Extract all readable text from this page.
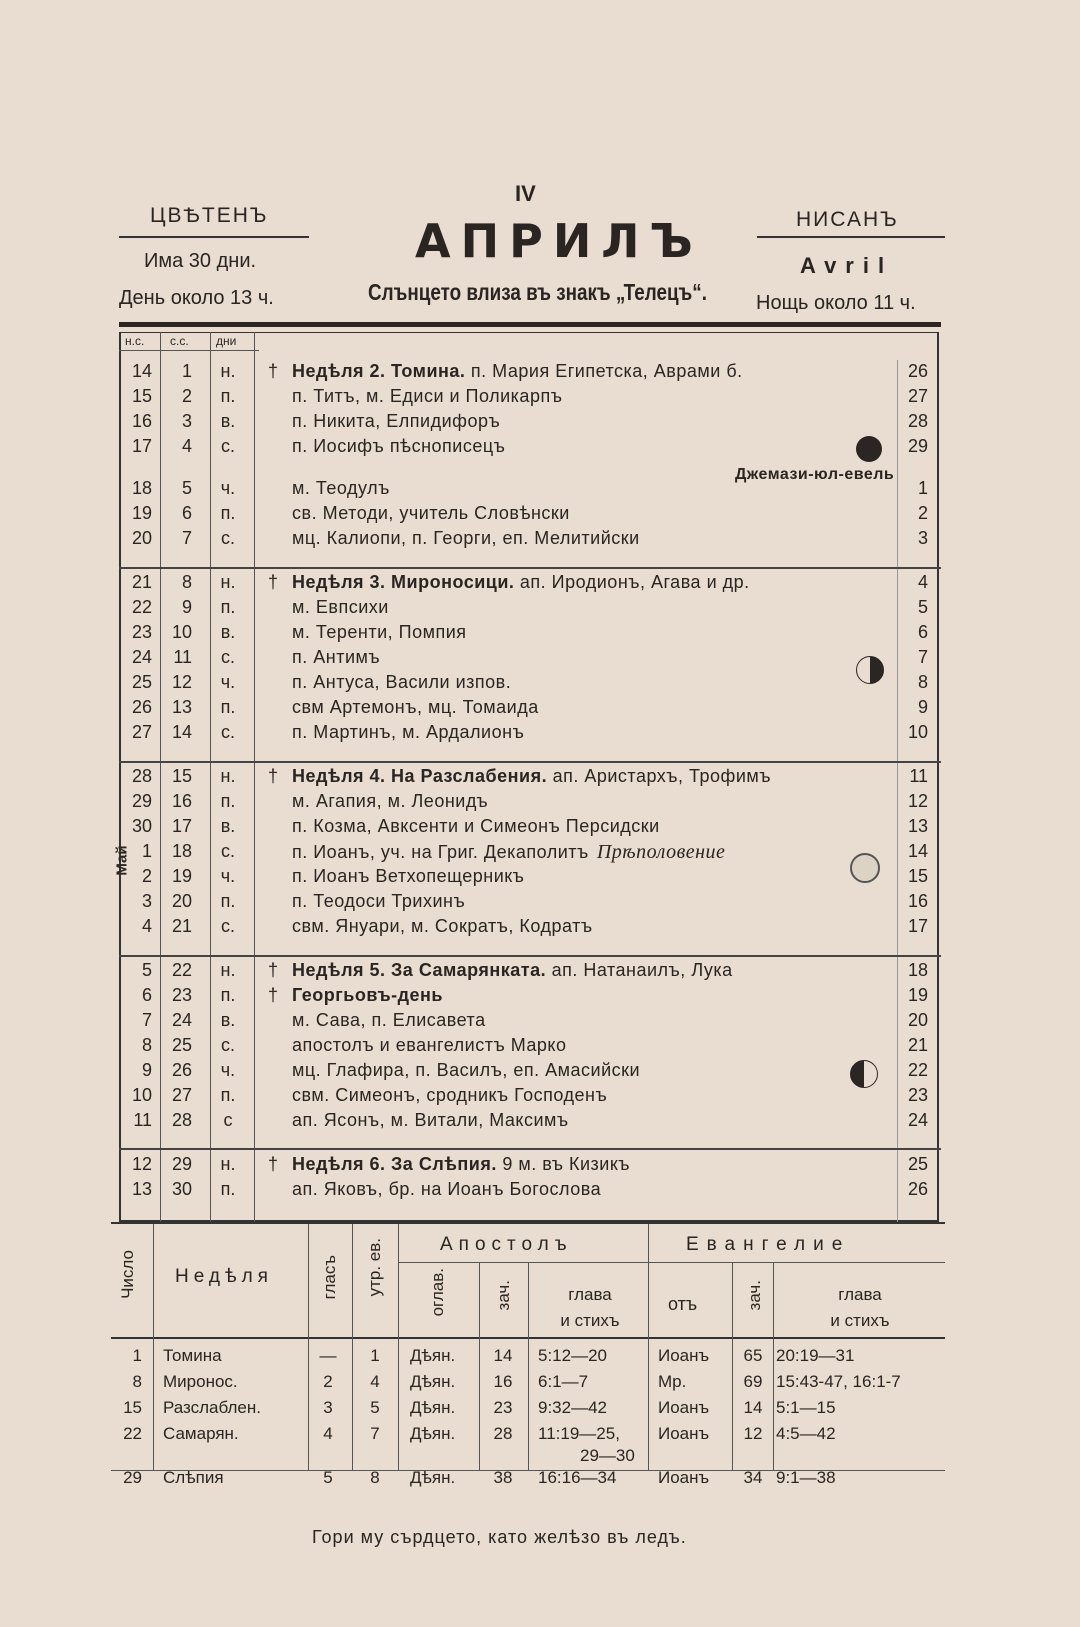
ЦВѢТЕНЪ
Има 30 дни.
День около 13 ч.
IV
АПРИЛЪ
Слънцето влиза въ знакъ „Телецъ“.
НИСАНЪ
Avril
Нощь около 11 ч.
н.с. с.с. дни
Джемази-юл-евель
Май
14	1 н. † Недѣля 2. Томина. п. Мария Египетска, Аврами б.	26
15	2 п.	п. Титъ, м. Едиси и Поликарпъ	27
16	3 в.	п. Никита, Елпидифоръ	28
17	4 с.	п. Иосифъ пѣснописецъ	29
18	5 ч.	м. Теодулъ	1
19	6 п.	св. Методи, учитель Словѣнски	2
20	7 с.	мц. Калиопи, п. Георги, еп. Мелитийски	3
21	8 н. † Недѣля 3. Мироносици. ап. Иродионъ, Агава и др.	4
22	9 п.	м. Евпсихи	5
23	10 в.	м. Теренти, Помпия	6
24	11 с.	п. Антимъ	7
25	12 ч.	п. Антуса, Васили изпов.	8
26	13 п.	свм Артемонъ, мц. Томаида	9
27	14 с.	п. Мартинъ, м. Ардалионъ	10
28	15 н. † Недѣля 4. На Разслабения. ап. Аристархъ, Трофимъ	11
29	16 п.	м. Агапия, м. Леонидъ	12
30	17 в.	п. Козма, Авксенти и Симеонъ Персидски	13
1	18 с.	п. Иоанъ, уч. на Григ. Декаполитъ Прѣполовение	14
2	19 ч.	п. Иоанъ Ветхопещерникъ	15
3	20 п.	п. Теодоси Трихинъ	16
4	21 с.	свм. Януари, м. Сократъ, Кодратъ	17
5	22 н. † Недѣля 5. За Самарянката. ап. Натанаилъ, Лука	18
6	23 п. † Георгьовъ-день	19
7	24 в.	м. Сава, п. Елисавета	20
8	25 с.	апостолъ и евангелистъ Марко	21
9	26 ч.	мц. Глафира, п. Василъ, еп. Амасийски	22
10	27 п.	свм. Симеонъ, сродникъ Господенъ	23
11	28	с	ап. Ясонъ, м. Витали, Максимъ	24
12	29 н. † Недѣля 6. За Слѣпия. 9 м. въ Кизикъ	25
13	30 п.	ап. Яковъ, бр. на Иоанъ Богослова	26
Число Недѣля	гласъ утр. ев.	Апостолъ	Евангелие
оглав.	зач.	глава
и стихъ
отъ	зач.	глава
и стихъ
1 Томина	—	1	Дѣян.	14	5:12—20	Иоанъ	65 20:19—31
8 Миронос.	2	4	Дѣян.	16	6:1—7	Мр.	69 15:43-47, 16:1-7
15 Разслаблен.	3	5	Дѣян.	23	9:32—42	Иоанъ	14 5:1—15
22 Самарян.	4	7	Дѣян.	28	11:19—25,	Иоанъ	12 4:5—42
29—30
29 Слѣпия	5	8	Дѣян.	38	16:16—34	Иоанъ	34 9:1—38
Гори му сърдцето, като желѣзо въ ледъ.
